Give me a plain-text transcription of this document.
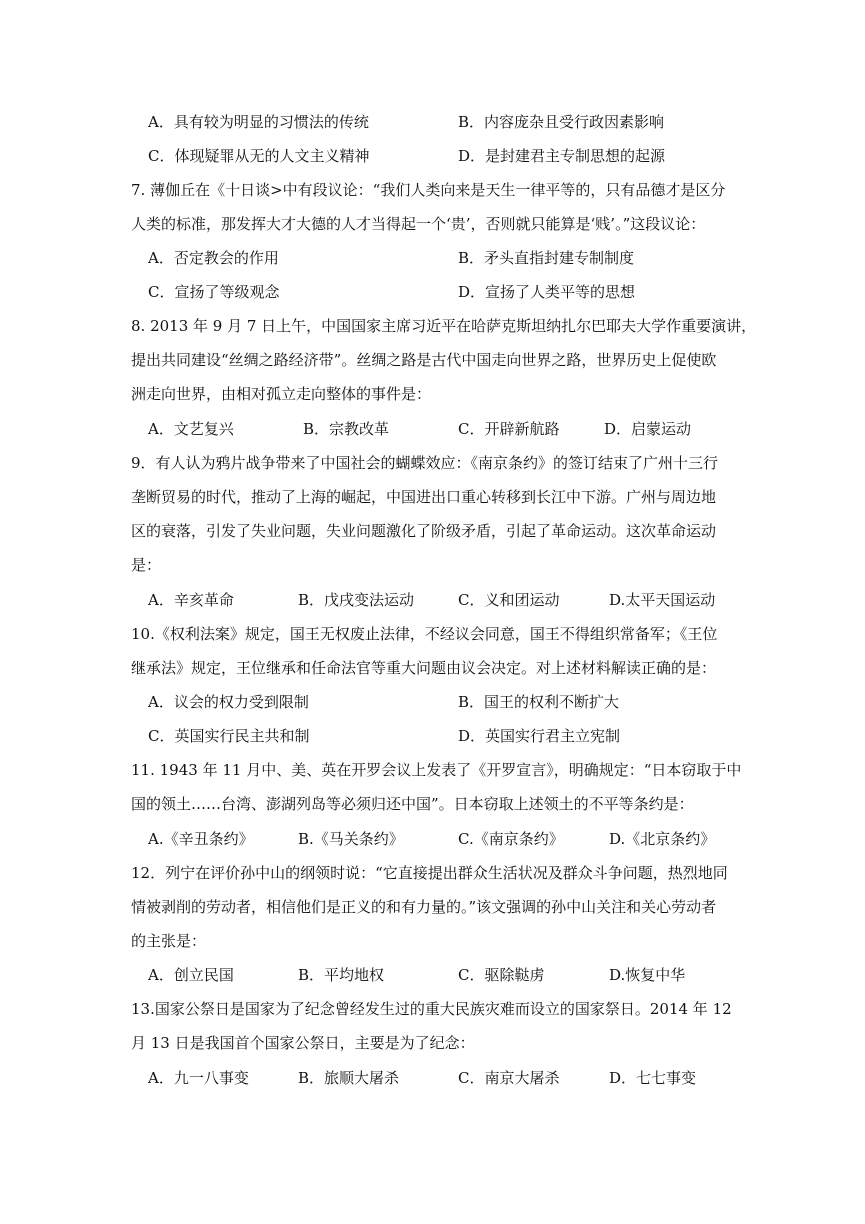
A．具有较为明显的习惯法的传统	B．内容庞杂且受行政因素影响
C．体现疑罪从无的人文主义精神	D．是封建君主专制思想的起源
7. 薄伽丘在《十日谈>中有段议论：“我们人类向来是天生一律平等的，只有品德才是区分
人类的标准，那发挥大才大德的人才当得起一个‘贵’，否则就只能算是‘贱’。”这段议论：
A．否定教会的作用	B．矛头直指封建专制制度
C．宣扬了等级观念	D．宣扬了人类平等的思想
8. 2013 年 9 月 7 日上午，中国国家主席习近平在哈萨克斯坦纳扎尔巴耶夫大学作重要演讲，
提出共同建设“丝绸之路经济带”。丝绸之路是古代中国走向世界之路，世界历史上促使欧
洲走向世界，由相对孤立走向整体的事件是：
A．文艺复兴	B．宗教改革	C．开辟新航路	D．启蒙运动
9．有人认为鸦片战争带来了中国社会的蝴蝶效应：《南京条约》的签订结束了广州十三行
垄断贸易的时代，推动了上海的崛起，中国进出口重心转移到长江中下游。广州与周边地
区的衰落，引发了失业问题，失业问题激化了阶级矛盾，引起了革命运动。这次革命运动
是：
A．辛亥革命	B．戊戌变法运动	C．义和团运动	D.太平天国运动
10.《权利法案》规定，国王无权废止法律，不经议会同意，国王不得组织常备军；《王位
继承法》规定，王位继承和任命法官等重大问题由议会决定。对上述材料解读正确的是：
A．议会的权力受到限制	B．国王的权利不断扩大
C．英国实行民主共和制	D．英国实行君主立宪制
11. 1943 年 11 月中、美、英在开罗会议上发表了《开罗宣言》，明确规定：“日本窃取于中
国的领土……台湾、澎湖列岛等必须归还中国”。日本窃取上述领土的不平等条约是：
A.《辛丑条约》	B.《马关条约》	C.《南京条约》	D.《北京条约》
12．列宁在评价孙中山的纲领时说：“它直接提出群众生活状况及群众斗争问题，热烈地同
情被剥削的劳动者，相信他们是正义的和有力量的。”该文强调的孙中山关注和关心劳动者
的主张是：
A．创立民国	B．平均地权	C．驱除鞑虏	D.恢复中华
13.国家公祭日是国家为了纪念曾经发生过的重大民族灾难而设立的国家祭日。2014 年 12
月 13 日是我国首个国家公祭日，主要是为了纪念：
A．九一八事变	B．旅顺大屠杀	C．南京大屠杀	D．七七事变
